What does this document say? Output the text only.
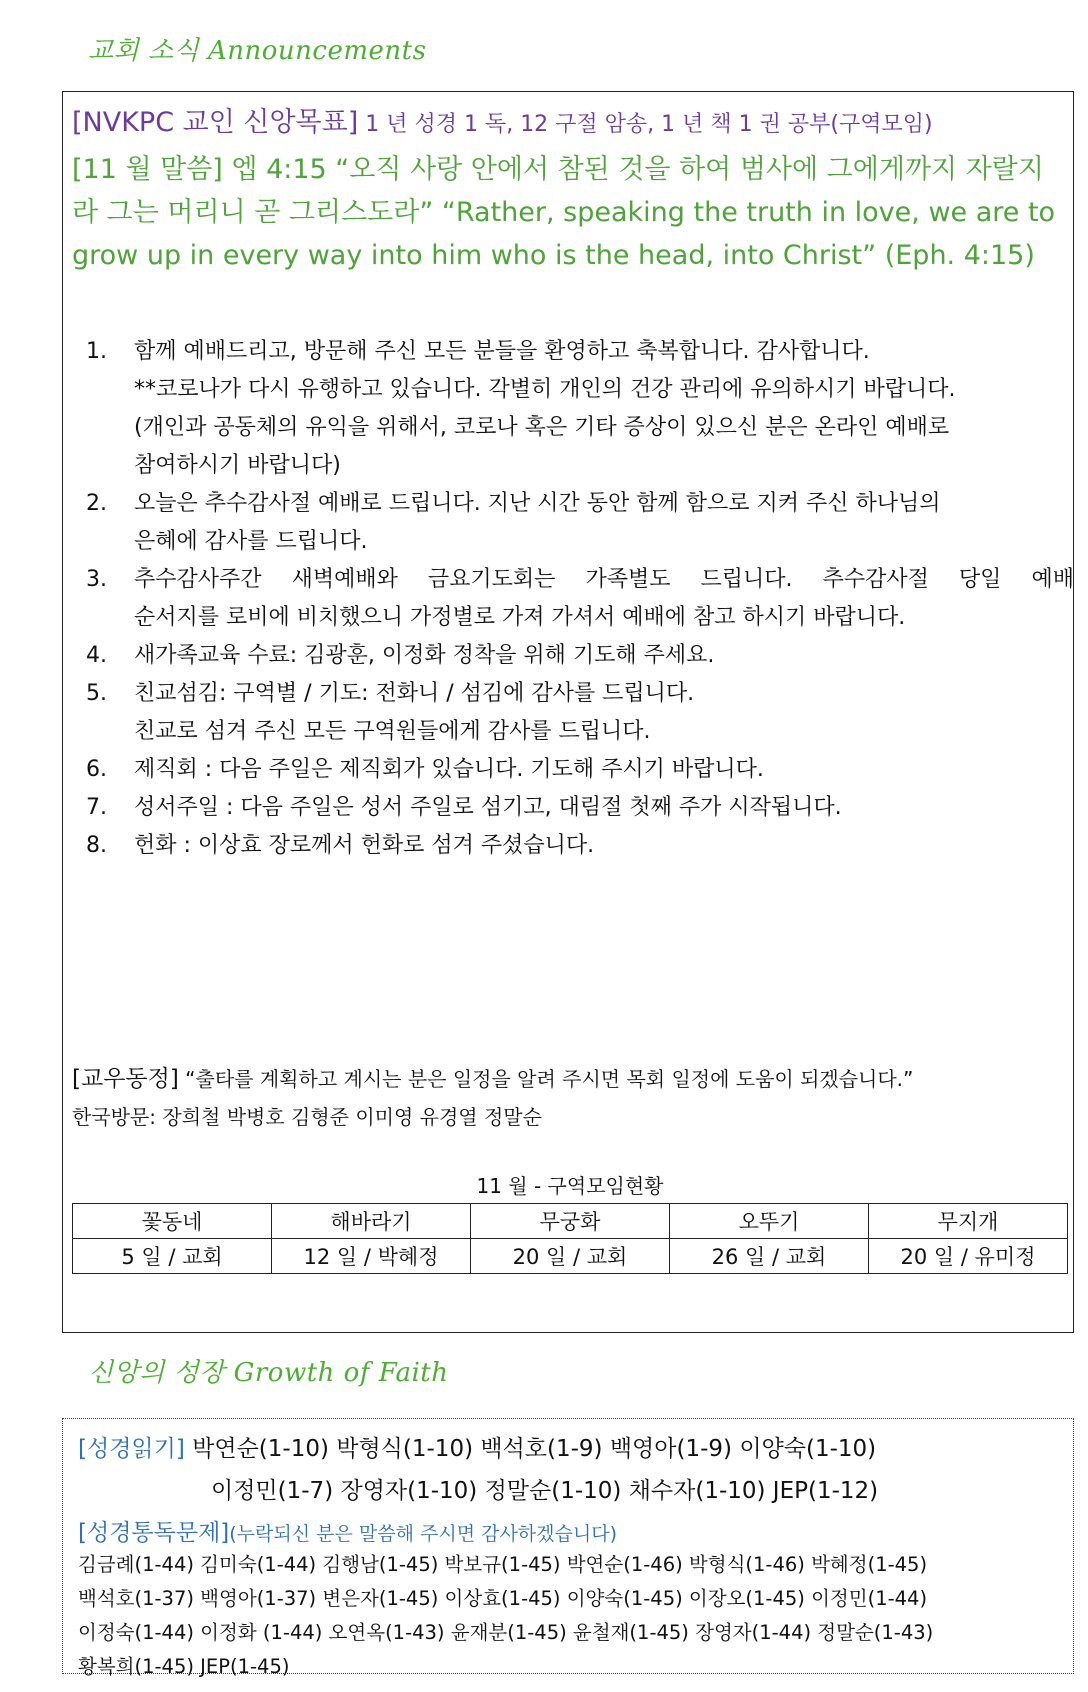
교회 소식 Announcements
[NVKPC 교인 신앙목표] 1 년 성경 1 독, 12 구절 암송, 1 년 책 1 권 공부(구역모임)
[11 월 말씀] 엡 4:15 “오직 사랑 안에서 참된 것을 하여 범사에 그에게까지 자랄지라 그는 머리니 곧 그리스도라” “Rather, speaking the truth in love, we are to grow up in every way into him who is the head, into Christ” (Eph. 4:15)
1. 함께 예배드리고, 방문해 주신 모든 분들을 환영하고 축복합니다. 감사합니다.
**코로나가 다시 유행하고 있습니다. 각별히 개인의 건강 관리에 유의하시기 바랍니다.
(개인과 공동체의 유익을 위해서, 코로나 혹은 기타 증상이 있으신 분은 온라인 예배로
참여하시기 바랍니다)
2. 오늘은 추수감사절 예배로 드립니다. 지난 시간 동안 함께 함으로 지켜 주신 하나님의
은혜에 감사를 드립니다.
3. 추수감사주간 새벽예배와 금요기도회는 가족별도 드립니다. 추수감사절 당일 예배
순서지를 로비에 비치했으니 가정별로 가져 가셔서 예배에 참고 하시기 바랍니다.
4. 새가족교육 수료: 김광훈, 이정화 정착을 위해 기도해 주세요.
5. 친교섬김: 구역별 / 기도: 전화니 / 섬김에 감사를 드립니다.
친교로 섬겨 주신 모든 구역원들에게 감사를 드립니다.
6. 제직회 : 다음 주일은 제직회가 있습니다. 기도해 주시기 바랍니다.
7. 성서주일 : 다음 주일은 성서 주일로 섬기고, 대림절 첫째 주가 시작됩니다.
8. 헌화 : 이상효 장로께서 헌화로 섬겨 주셨습니다.
[교우동정] “출타를 계획하고 계시는 분은 일정을 알려 주시면 목회 일정에 도움이 되겠습니다.”
한국방문: 장희철 박병호 김형준 이미영 유경열 정말순
11 월 - 구역모임현황
꽃동네	해바라기	무궁화	오뚜기	무지개
5 일 / 교회	12 일 / 박혜정	20 일 / 교회	26 일 / 교회	20 일 / 유미정
신앙의 성장 Growth of Faith
[성경읽기] 박연순(1-10) 박형식(1-10) 백석호(1-9) 백영아(1-9) 이양숙(1-10)
이정민(1-7) 장영자(1-10) 정말순(1-10) 채수자(1-10) JEP(1-12)
[성경통독문제](누락되신 분은 말씀해 주시면 감사하겠습니다)
김금례(1-44) 김미숙(1-44) 김행남(1-45) 박보규(1-45) 박연순(1-46) 박형식(1-46) 박혜정(1-45)
백석호(1-37) 백영아(1-37) 변은자(1-45) 이상효(1-45) 이양숙(1-45) 이장오(1-45) 이정민(1-44)
이정숙(1-44) 이정화 (1-44) 오연옥(1-43) 윤재분(1-45) 윤철재(1-45) 장영자(1-44) 정말순(1-43)
황복희(1-45) JEP(1-45)
